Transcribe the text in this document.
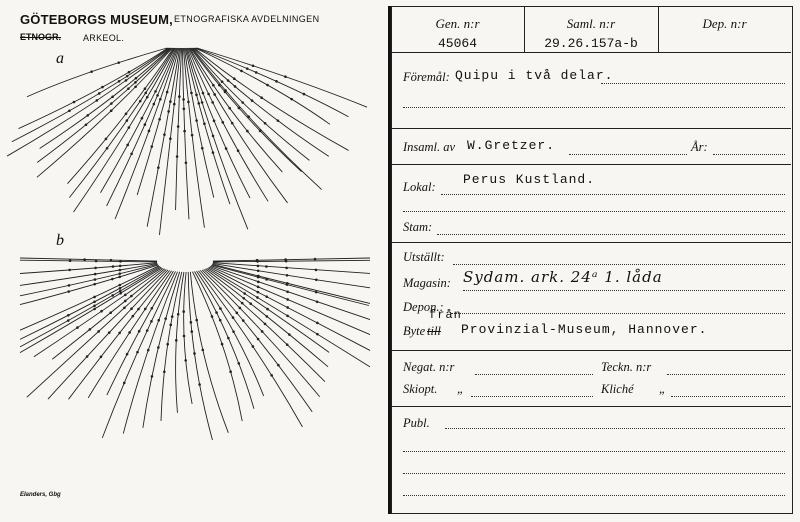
GÖTEBORGS MUSEUM, ETNOGRAFISKA AVDELNINGEN
ETNOGR. ARKEOL.
a
b
Elanders, Gbg
Gen. n:r
45064
Saml. n:r
29.26.157a-b
Dep. n:r
Föremål: Quipu i två delar.
Insaml. av W.Gretzer.	År:
Lokal: Perus Kustland.
Stam:
Utställt:
Magasin: Sydam. ark. 24ᵃ 1. låda
Depon.:
Byte till
från
Provinzial-Museum, Hannover.
Negat. n:r	Teckn. n:r
Skiopt. „	Kliché „
Publ.
